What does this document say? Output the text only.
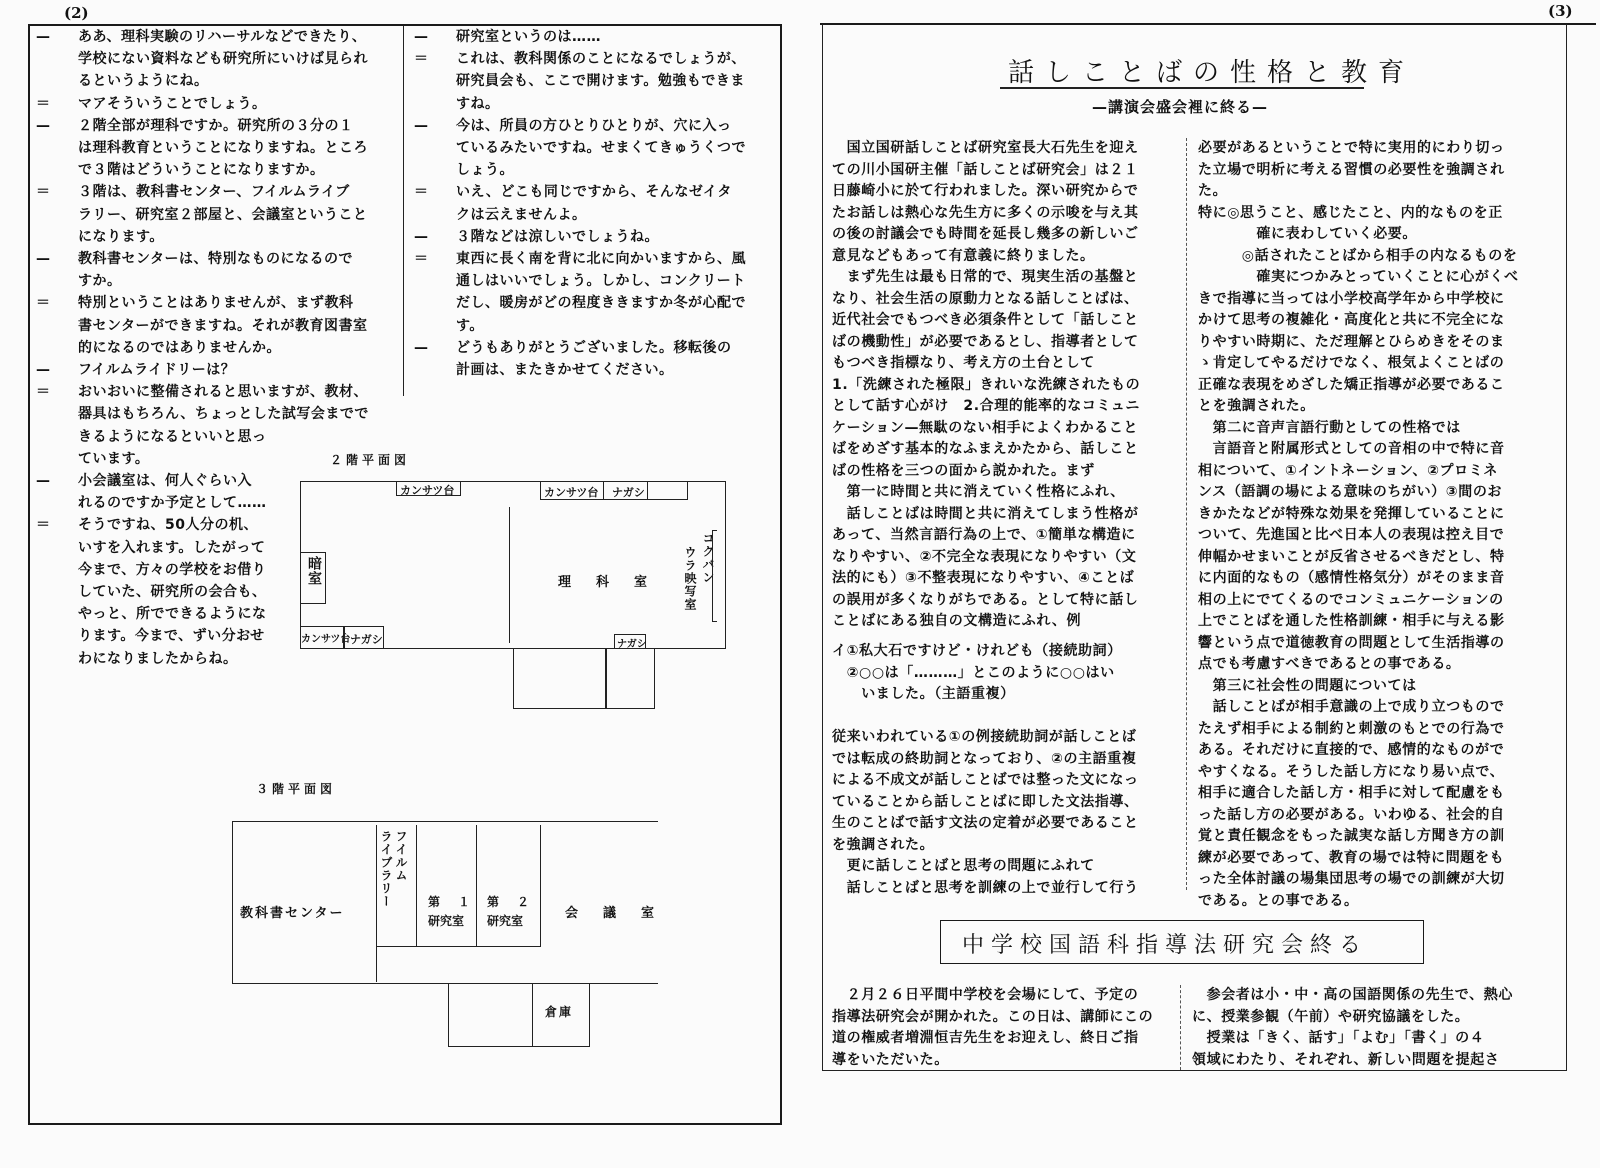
(2)
—	ああ、理科実験のリハーサルなどできたり、
学校にない資料なども研究所にいけば見られ
るというようにね。
＝	マアそういうことでしょう。
—	２階全部が理科ですか。研究所の３分の１
は理科教育ということになりますね。ところ
で３階はどういうことになりますか。
＝	３階は、教科書センター、フイルムライブ
ラリー、研究室２部屋と、会議室ということ
になります。
—	教科書センターは、特別なものになるので
すか。
＝	特別ということはありませんが、まず教科
書センターができますね。それが教育図書室
的になるのではありませんか。
—	フイルムライドリーは？
＝	おいおいに整備されると思いますが、教材、
器具はもちろん、ちょっとした試写会までで
きるようになるといいと思っ
ています。
—	小会議室は、何人ぐらい入
れるのですか予定として……
＝	そうですね、50人分の机、
いすを入れます。したがって
今まで、方々の学校をお借り
していた、研究所の会合も、
やっと、所でできるようにな
ります。今まで、ずい分おせ
わになりましたからね。
—	研究室というのは……
＝	これは、教科関係のことになるでしょうが、
研究員会も、ここで開けます。勉強もできま
すね。
—	今は、所員の方ひとりひとりが、穴に入っ
ているみたいですね。せまくてきゅうくつで
しょう。
＝	いえ、どこも同じですから、そんなゼイタ
クは云えませんよ。
—	３階などは涼しいでしょうね。
＝	東西に長く南を背に北に向かいますから、風
通しはいいでしょう。しかし、コンクリート
だし、暖房がどの程度ききますか冬が心配で
す。
—	どうもありがとうございました。移転後の
計画は、またきかせてください。
２階平面図
カンサツ台	カンサツ台 ナガシ
暗室
カンサツ台 ナガシ	ナガシ
理　科　室	コクバン
ウラ映写室
３階平面図
教科書センター
フイルム
ライブラリー	第　１
研究室
第　２
研究室	会　議　室
倉庫
(3)
話しことばの性格と教育
—講演会盛会裡に終る—
　国立国研話しことば研究室長大石先生を迎え
ての川小国研主催「話しことば研究会」は２１
日藤崎小に於て行われました。深い研究からで
たお話しは熱心な先生方に多くの示唆を与え其
の後の討議会でも時間を延長し幾多の新しいご
意見などもあって有意義に終りました。
　まず先生は最も日常的で、現実生活の基盤と
なり、社会生活の原動力となる話しことばは、
近代社会でもつべき必須条件として「話しこと
ばの機動性」が必要であるとし、指導者として
もつべき指標なり、考え方の土台として
1.「洗練された極限」きれいな洗練されたもの
として話す心がけ　2.合理的能率的なコミュニ
ケーション—無駄のない相手によくわかること
ばをめざす基本的なふまえかたから、話しこと
ばの性格を三つの面から説かれた。まず
　第一に時間と共に消えていく性格にふれ、
　話しことばは時間と共に消えてしまう性格が
あって、当然言語行為の上で、①簡単な構造に
なりやすい、②不完全な表現になりやすい（文
法的にも）③不整表現になりやすい、④ことば
の誤用が多くなりがちである。として特に話し
ことばにある独自の文構造にふれ、例
イ①私大石ですけど・けれども（接続助詞）
　②○○は「………」とこのように○○はい
　　いました。（主語重複）
従来いわれている①の例接続助詞が話しことば
では転成の終助詞となっており、②の主語重複
による不成文が話しことばでは整った文になっ
ていることから話しことばに即した文法指導、
生のことばで話す文法の定着が必要であること
を強調された。
　更に話しことばと思考の問題にふれて
　話しことばと思考を訓練の上で並行して行う
必要があるということで特に実用的にわり切っ
た立場で明析に考える習慣の必要性を強調され
た。
特に◎思うこと、感じたこと、内的なものを正
　　　　確に表わしていく必要。
　　　◎話されたことばから相手の内なるものを
　　　　確実につかみとっていくことに心がくべ
きで指導に当っては小学校高学年から中学校に
かけて思考の複雑化・高度化と共に不完全にな
りやすい時期に、ただ理解とひらめきをそのま
ゝ肯定してやるだけでなく、根気よくことばの
正確な表現をめざした矯正指導が必要であるこ
とを強調された。
　第二に音声言語行動としての性格では
　言語音と附属形式としての音相の中で特に音
相について、①イントネーション、②プロミネ
ンス（語調の場による意味のちがい）③間のお
きかたなどが特殊な効果を発揮していることに
ついて、先進国と比べ日本人の表現は控え目で
伸幅かせまいことが反省させるべきだとし、特
に内面的なもの（感情性格気分）がそのまま音
相の上にでてくるのでコンミュニケーションの
上でことばを通した性格訓練・相手に与える影
響という点で道徳教育の問題として生活指導の
点でも考慮すべきであるとの事である。
　第三に社会性の問題については
　話しことばが相手意識の上で成り立つもので
たえず相手による制約と刺激のもとでの行為で
ある。それだけに直接的で、感情的なものがで
やすくなる。そうした話し方になり易い点で、
相手に適合した話し方・相手に対して配慮をも
った話し方の必要がある。いわゆる、社会的自
覚と責任観念をもった誠実な話し方聞き方の訓
練が必要であって、教育の場では特に問題をも
った全体討議の場集団思考の場での訓練が大切
である。との事である。
中学校国語科指導法研究会終る
　２月２６日平間中学校を会場にして、予定の
指導法研究会が開かれた。この日は、講師にこの
道の権威者増淵恒吉先生をお迎えし、終日ご指
導をいただいた。
　参会者は小・中・高の国語関係の先生で、熱心
に、授業参観（午前）や研究協議をした。
　授業は「きく、話す」「よむ」「書く」の４
領域にわたり、それぞれ、新しい問題を提起さ
